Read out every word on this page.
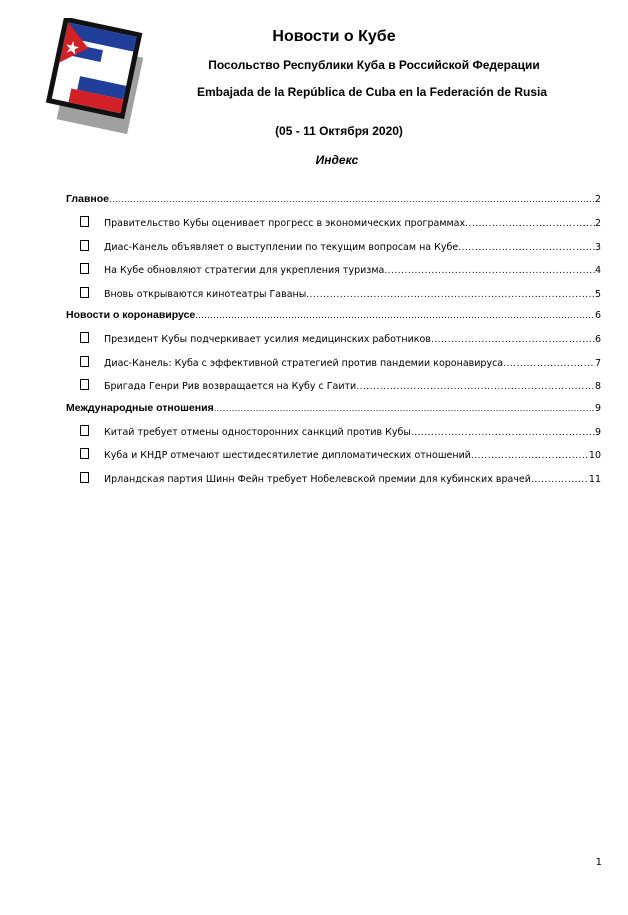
Новости о Кубе
Посольство Республики Куба в Российской Федерации
Embajada de la República de Cuba en la Federación de Rusia
(05 - 11 Октября 2020)
Индекс
Главное .....	2
Правительство Кубы оценивает прогресс в экономических программах .....	2
Диас-Канель объявляет о выступлении по текущим вопросам на Кубе .....	3
На Кубе обновляют стратегии для укрепления туризма .....	4
Вновь открываются кинотеатры Гаваны .....	5
Новости о коронавирусе .....	6
Президент Кубы подчеркивает усилия медицинских работников .....	6
Диас-Канель: Куба с эффективной стратегией против пандемии коронавируса .....	7
Бригада Генри Рив возвращается на Кубу с Гаити .....	8
Международные отношения .....	9
Китай требует отмены односторонних санкций против Кубы .....	9
Куба и КНДР отмечают шестидесятилетие дипломатических отношений .....	10
Ирландская партия Шинн Фейн требует Нобелевской премии для кубинских врачей .....	11
1
